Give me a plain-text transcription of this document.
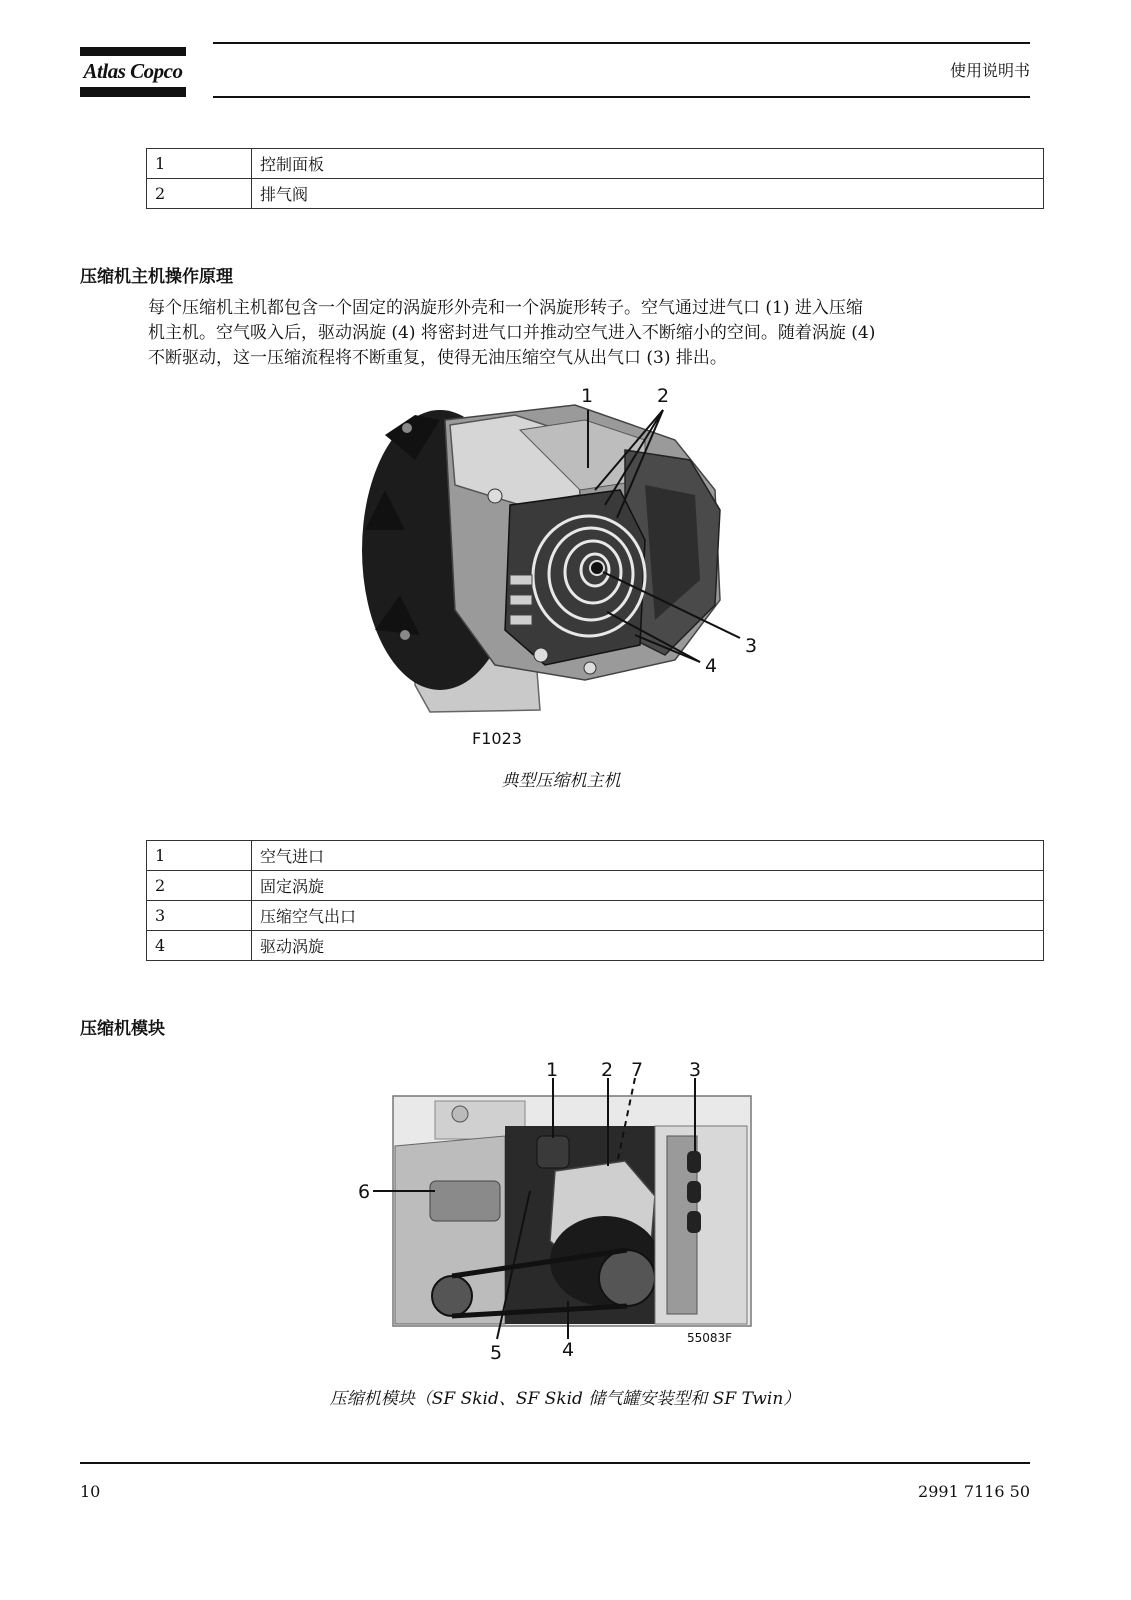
Atlas Copco	使用说明书
1	控制面板
2	排气阀
压缩机主机操作原理
每个压缩机主机都包含一个固定的涡旋形外壳和一个涡旋形转子。空气通过进气口 (1) 进入压缩
机主机。空气吸入后，驱动涡旋 (4) 将密封进气口并推动空气进入不断缩小的空间。随着涡旋 (4)
不断驱动，这一压缩流程将不断重复，使得无油压缩空气从出气口 (3) 排出。
1	2
3
4
F1023
典型压缩机主机
1	空气进口
2	固定涡旋
3	压缩空气出口
4	驱动涡旋
压缩机模块
1 2 7 3
6
5	4
55083F
压缩机模块（SF Skid、SF Skid 储气罐安装型和 SF Twin）
10	2991 7116 50
